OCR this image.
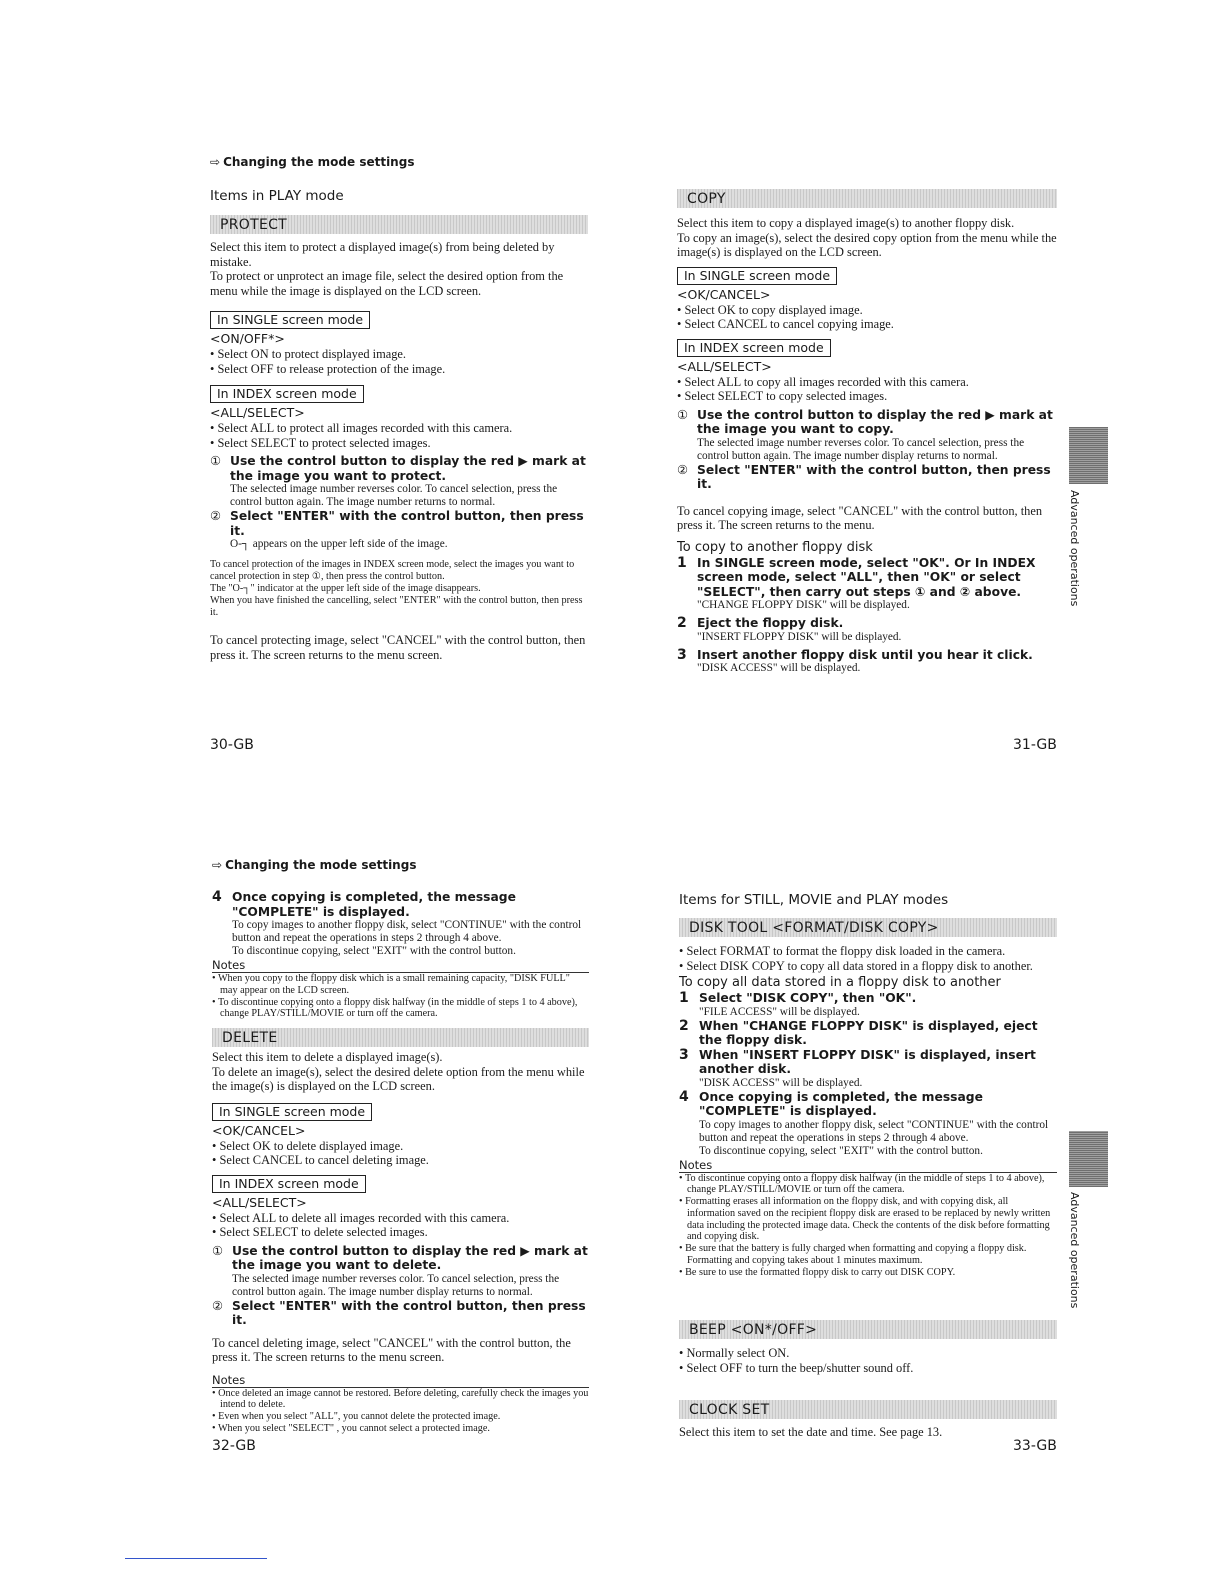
⇨ Changing the mode settings
Items in PLAY mode
PROTECT

Select this item to protect a displayed image(s) from being deleted by mistake.

To protect or unprotect an image file, select the desired option from the menu while the image is displayed on the LCD screen.

In SINGLE screen mode

<ON/OFF*>

• Select ON to protect displayed image.

• Select OFF to release protection of the image.

In INDEX screen mode

<ALL/SELECT>

• Select ALL to protect all images recorded with this camera.

• Select SELECT to protect selected images.

① Use the control button to display the red ▶ mark at the image you want to protect.

The selected image number reverses color. To cancel selection, press the control button again. The image number returns to normal.

② Select "ENTER" with the control button, then press it.

O‑┐ appears on the upper left side of the image.

To cancel protection of the images in INDEX screen mode, select the images you want to cancel protection in step ①, then press the control button.

The "O‑┐" indicator at the upper left side of the image disappears.

When you have finished the cancelling, select "ENTER" with the control button, then press it.

To cancel protecting image, select "CANCEL" with the control button, then press it. The screen returns to the menu screen.

30-GB
COPY

Select this item to copy a displayed image(s) to another floppy disk.

To copy an image(s), select the desired copy option from the menu while the image(s) is displayed on the LCD screen.

In SINGLE screen mode

<OK/CANCEL>

• Select OK to copy displayed image.

• Select CANCEL to cancel copying image.

In INDEX screen mode

<ALL/SELECT>

• Select ALL to copy all images recorded with this camera.

• Select SELECT to copy selected images.

① Use the control button to display the red ▶ mark at the image you want to copy.

The selected image number reverses color. To cancel selection, press the control button again. The image number display returns to normal.

② Select "ENTER" with the control button, then press it.

To cancel copying image, select "CANCEL" with the control button, then press it. The screen returns to the menu.

To copy to another floppy disk

1 In SINGLE screen mode, select "OK". Or In INDEX screen mode, select "ALL", then "OK" or select "SELECT", then carry out steps ① and ② above.

"CHANGE FLOPPY DISK" will be displayed.

2 Eject the floppy disk.

"INSERT FLOPPY DISK" will be displayed.

3 Insert another floppy disk until you hear it click.

"DISK ACCESS" will be displayed.

Advanced operations
31-GB
⇨ Changing the mode settings

4 Once copying is completed, the message "COMPLETE" is displayed.

To copy images to another floppy disk, select "CONTINUE" with the control button and repeat the operations in steps 2 through 4 above.

To discontinue copying, select "EXIT" with the control button.

Notes

• When you copy to the floppy disk which is a small remaining capacity, "DISK FULL" may appear on the LCD screen.

• To discontinue copying onto a floppy disk halfway (in the middle of steps 1 to 4 above), change PLAY/STILL/MOVIE or turn off the camera.

DELETE

Select this item to delete a displayed image(s).

To delete an image(s), select the desired delete option from the menu while the image(s) is displayed on the LCD screen.

In SINGLE screen mode

<OK/CANCEL>

• Select OK to delete displayed image.

• Select CANCEL to cancel deleting image.

In INDEX screen mode

<ALL/SELECT>

• Select ALL to delete all images recorded with this camera.

• Select SELECT to delete selected images.

① Use the control button to display the red ▶ mark at the image you want to delete.

The selected image number reverses color. To cancel selection, press the control button again. The image number display returns to normal.

② Select "ENTER" with the control button, then press it.

To cancel deleting image, select "CANCEL" with the control button, the press it. The screen returns to the menu screen.

Notes

• Once deleted an image cannot be restored. Before deleting, carefully check the images you intend to delete.

• Even when you select "ALL", you cannot delete the protected image.

• When you select "SELECT" , you cannot select a protected image.

32-GB
Items for STILL, MOVIE and PLAY modes
DISK TOOL <FORMAT/DISK COPY>

• Select FORMAT to format the floppy disk loaded in the camera.

• Select DISK COPY to copy all data stored in a floppy disk to another.

To copy all data stored in a floppy disk to another

1 Select "DISK COPY", then "OK".

"FILE ACCESS" will be displayed.

2 When "CHANGE FLOPPY DISK" is displayed, eject the floppy disk.

3 When "INSERT FLOPPY DISK" is displayed, insert another disk.

"DISK ACCESS" will be displayed.

4 Once copying is completed, the message "COMPLETE" is displayed.

To copy images to another floppy disk, select "CONTINUE" with the control button and repeat the operations in steps 2 through 4 above.

To discontinue copying, select "EXIT" with the control button.

Notes

• To discontinue copying onto a floppy disk halfway (in the middle of steps 1 to 4 above), change PLAY/STILL/MOVIE or turn off the camera.

• Formatting erases all information on the floppy disk, and with copying disk, all information saved on the recipient floppy disk are erased to be replaced by newly written data including the protected image data. Check the contents of the disk before formatting and copying disk.

• Be sure that the battery is fully charged when formatting and copying a floppy disk. Formatting and copying takes about 1 minutes maximum.

• Be sure to use the formatted floppy disk to carry out DISK COPY.

BEEP <ON*/OFF>

• Normally select ON.

• Select OFF to turn the beep/shutter sound off.

CLOCK SET

Select this item to set the date and time. See page 13.

Advanced operations
33-GB
